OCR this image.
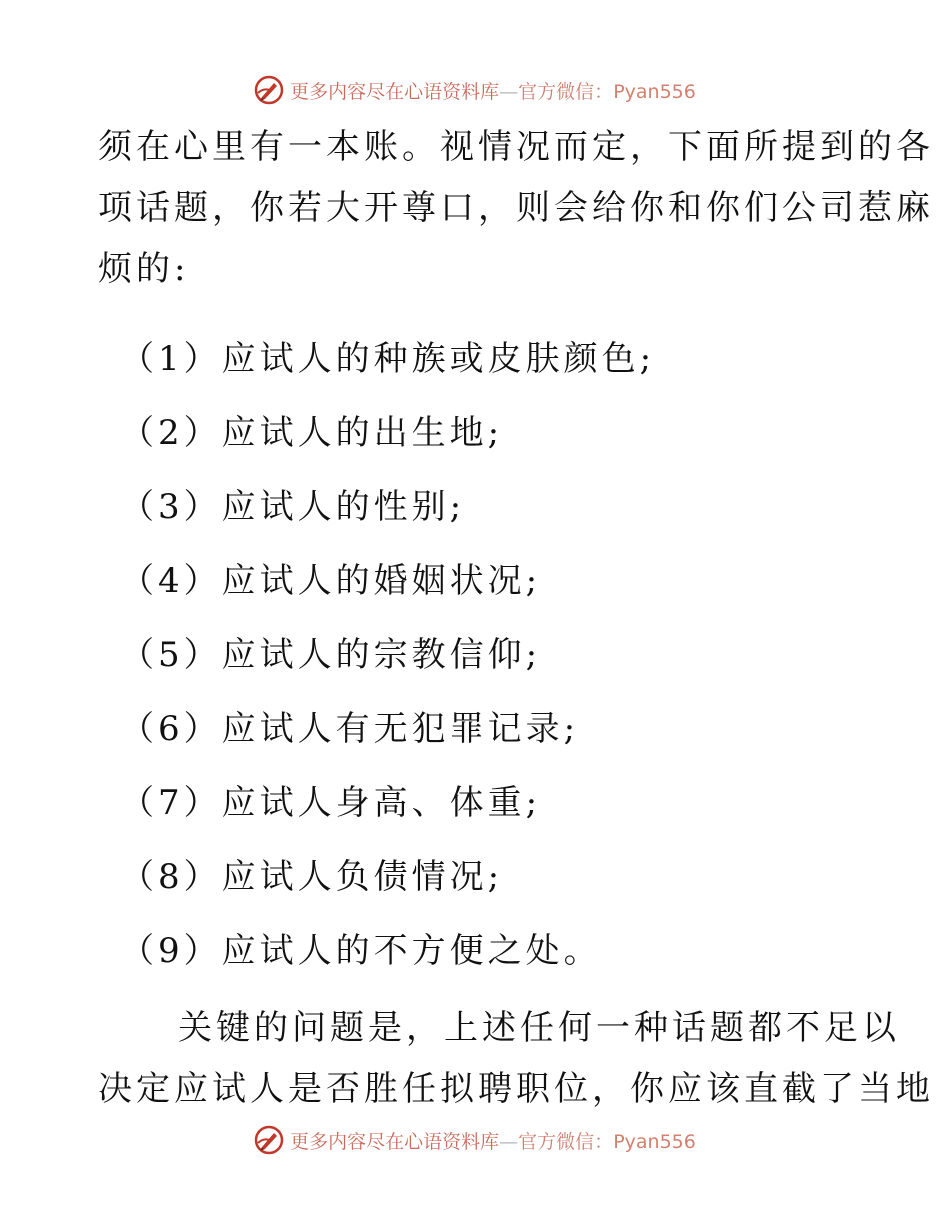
更多内容尽在心语资料库—官方微信：Pyan556
须在心里有一本账。视情况而定，下面所提到的各
项话题，你若大开尊口，则会给你和你们公司惹麻
烦的:
（1）应试人的种族或皮肤颜色;
（2）应试人的出生地;
（3）应试人的性别;
（4）应试人的婚姻状况;
（5）应试人的宗教信仰;
（6）应试人有无犯罪记录;
（7）应试人身高、体重;
（8）应试人负债情况;
（9）应试人的不方便之处。
关键的问题是，上述任何一种话题都不足以
决定应试人是否胜任拟聘职位，你应该直截了当地
更多内容尽在心语资料库—官方微信：Pyan556
